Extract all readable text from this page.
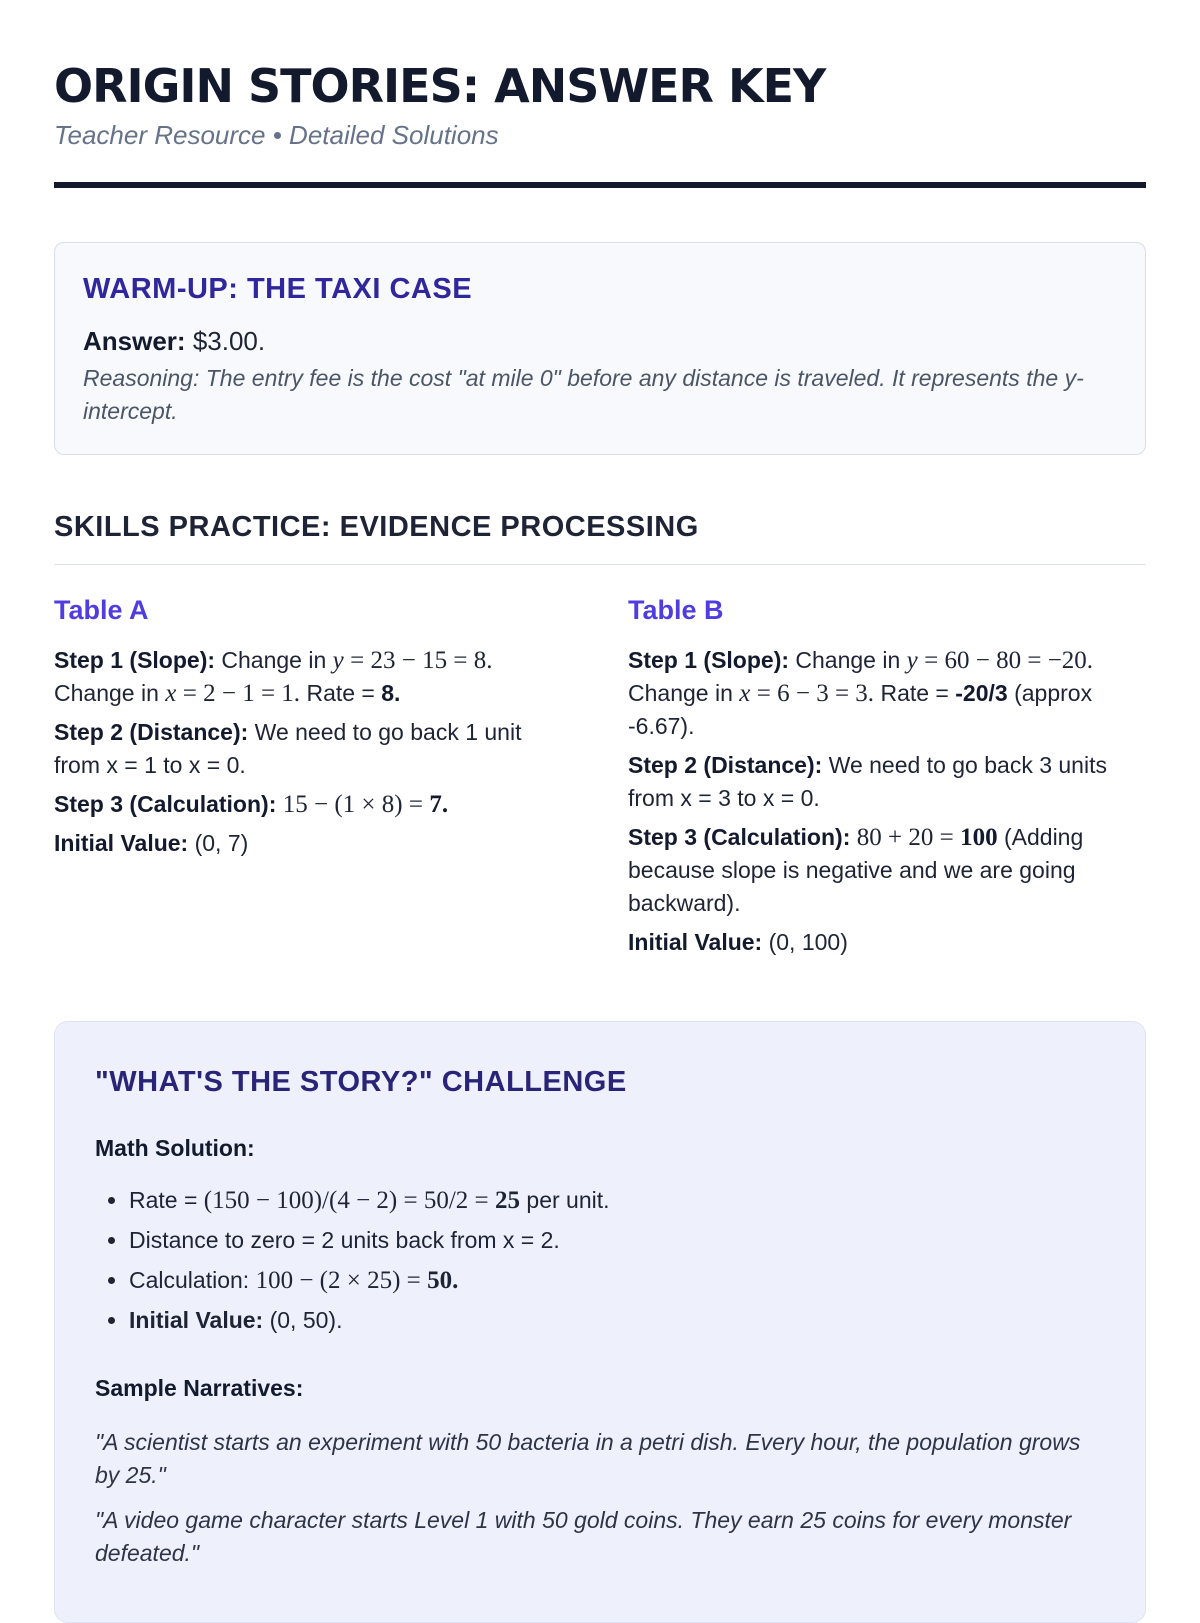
ORIGIN STORIES: ANSWER KEY
Teacher Resource • Detailed Solutions
WARM-UP: THE TAXI CASE
Answer: $3.00.
Reasoning: The entry fee is the cost "at mile 0" before any distance is traveled. It represents the y-intercept.
SKILLS PRACTICE: EVIDENCE PROCESSING
Table A
Step 1 (Slope): Change in y = 23 − 15 = 8.
Change in x = 2 − 1 = 1. Rate = 8.
Step 2 (Distance): We need to go back 1 unit from x = 1 to x = 0.
Step 3 (Calculation): 15 − (1 × 8) = 7.
Initial Value: (0, 7)
Table B
Step 1 (Slope): Change in y = 60 − 80 = −20.
Change in x = 6 − 3 = 3. Rate = -20/3 (approx -6.67).
Step 2 (Distance): We need to go back 3 units from x = 3 to x = 0.
Step 3 (Calculation): 80 + 20 = 100 (Adding because slope is negative and we are going backward).
Initial Value: (0, 100)
"WHAT'S THE STORY?" CHALLENGE
Math Solution:
• Rate = (150 − 100)/(4 − 2) = 50/2 = 25 per unit.
• Distance to zero = 2 units back from x = 2.
• Calculation: 100 − (2 × 25) = 50.
• Initial Value: (0, 50).
Sample Narratives:

"A scientist starts an experiment with 50 bacteria in a petri dish. Every hour, the population grows by 25."

"A video game character starts Level 1 with 50 gold coins. They earn 25 coins for every monster defeated."
